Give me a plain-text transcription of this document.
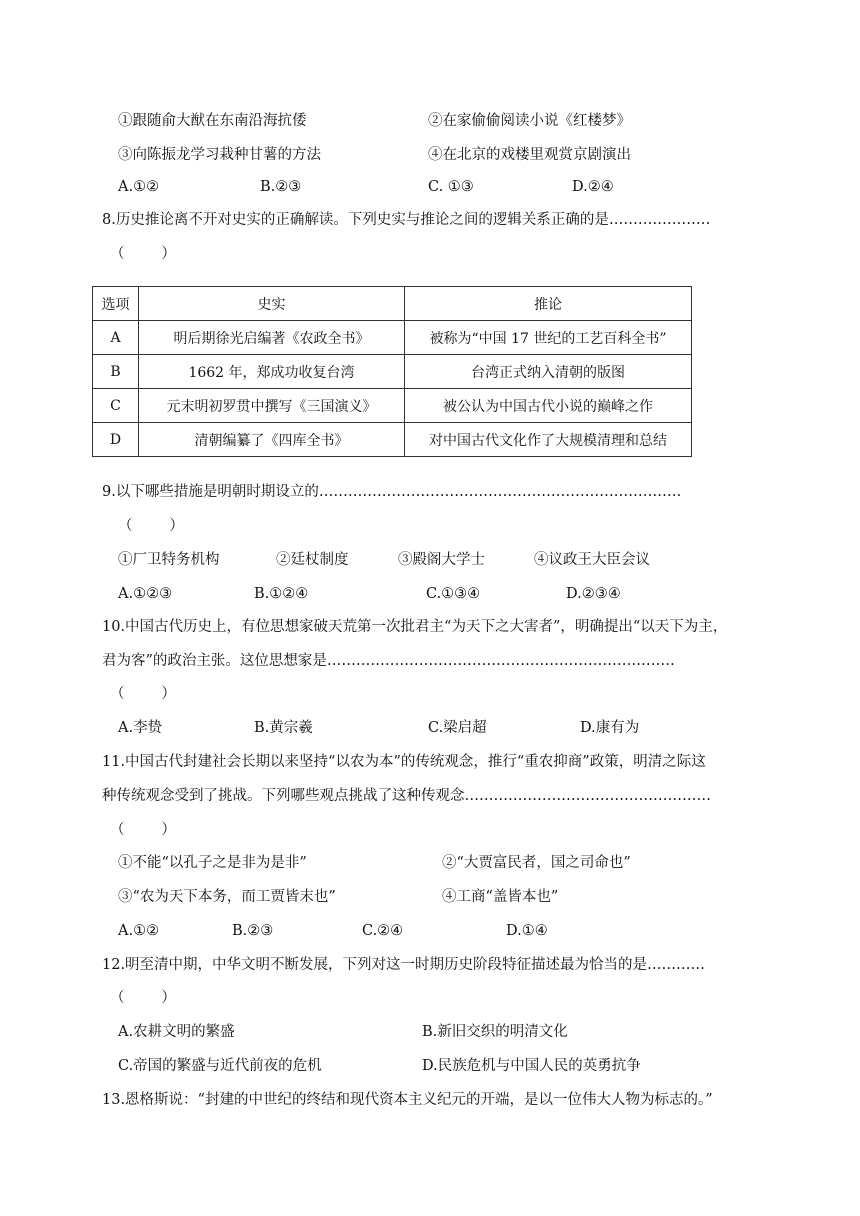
①跟随俞大猷在东南沿海抗倭	②在家偷偷阅读小说《红楼梦》
③向陈振龙学习栽种甘薯的方法	④在北京的戏楼里观赏京剧演出
A.①②	B.②③	C. ①③	D.②④
8.历史推论离不开对史实的正确解读。下列史实与推论之间的逻辑关系正确的是…………………
（        ）
选项	史实	推论
A	明后期徐光启编著《农政全书》	被称为“中国 17 世纪的工艺百科全书”
B	1662 年，郑成功收复台湾	台湾正式纳入清朝的版图
C	元末明初罗贯中撰写《三国演义》	被公认为中国古代小说的巅峰之作
D	清朝编纂了《四库全书》	对中国古代文化作了大规模清理和总结
9.以下哪些措施是明朝时期设立的…………………………………………………………………
（        ）
①厂卫特务机构	②廷杖制度	③殿阁大学士	④议政王大臣会议
A.①②③	B.①②④	C.①③④	D.②③④
10.中国古代历史上，有位思想家破天荒第一次批君主“为天下之大害者”，明确提出“以天下为主，
君为客”的政治主张。这位思想家是………………………………………………………………
（        ）
A.李贽	B.黄宗羲	C.梁启超	D.康有为
11.中国古代封建社会长期以来坚持“以农为本”的传统观念，推行“重农抑商”政策，明清之际这
种传统观念受到了挑战。下列哪些观点挑战了这种传观念……………………………………………
（        ）
①不能“以孔子之是非为是非”	②“大贾富民者，国之司命也”
③“农为天下本务，而工贾皆末也”	④工商“盖皆本也”
A.①②	B.②③	C.②④	D.①④
12.明至清中期，中华文明不断发展，下列对这一时期历史阶段特征描述最为恰当的是…………
（        ）
A.农耕文明的繁盛	B.新旧交织的明清文化
C.帝国的繁盛与近代前夜的危机	D.民族危机与中国人民的英勇抗争
13.恩格斯说：“封建的中世纪的终结和现代资本主义纪元的开端，是以一位伟大人物为标志的。”
